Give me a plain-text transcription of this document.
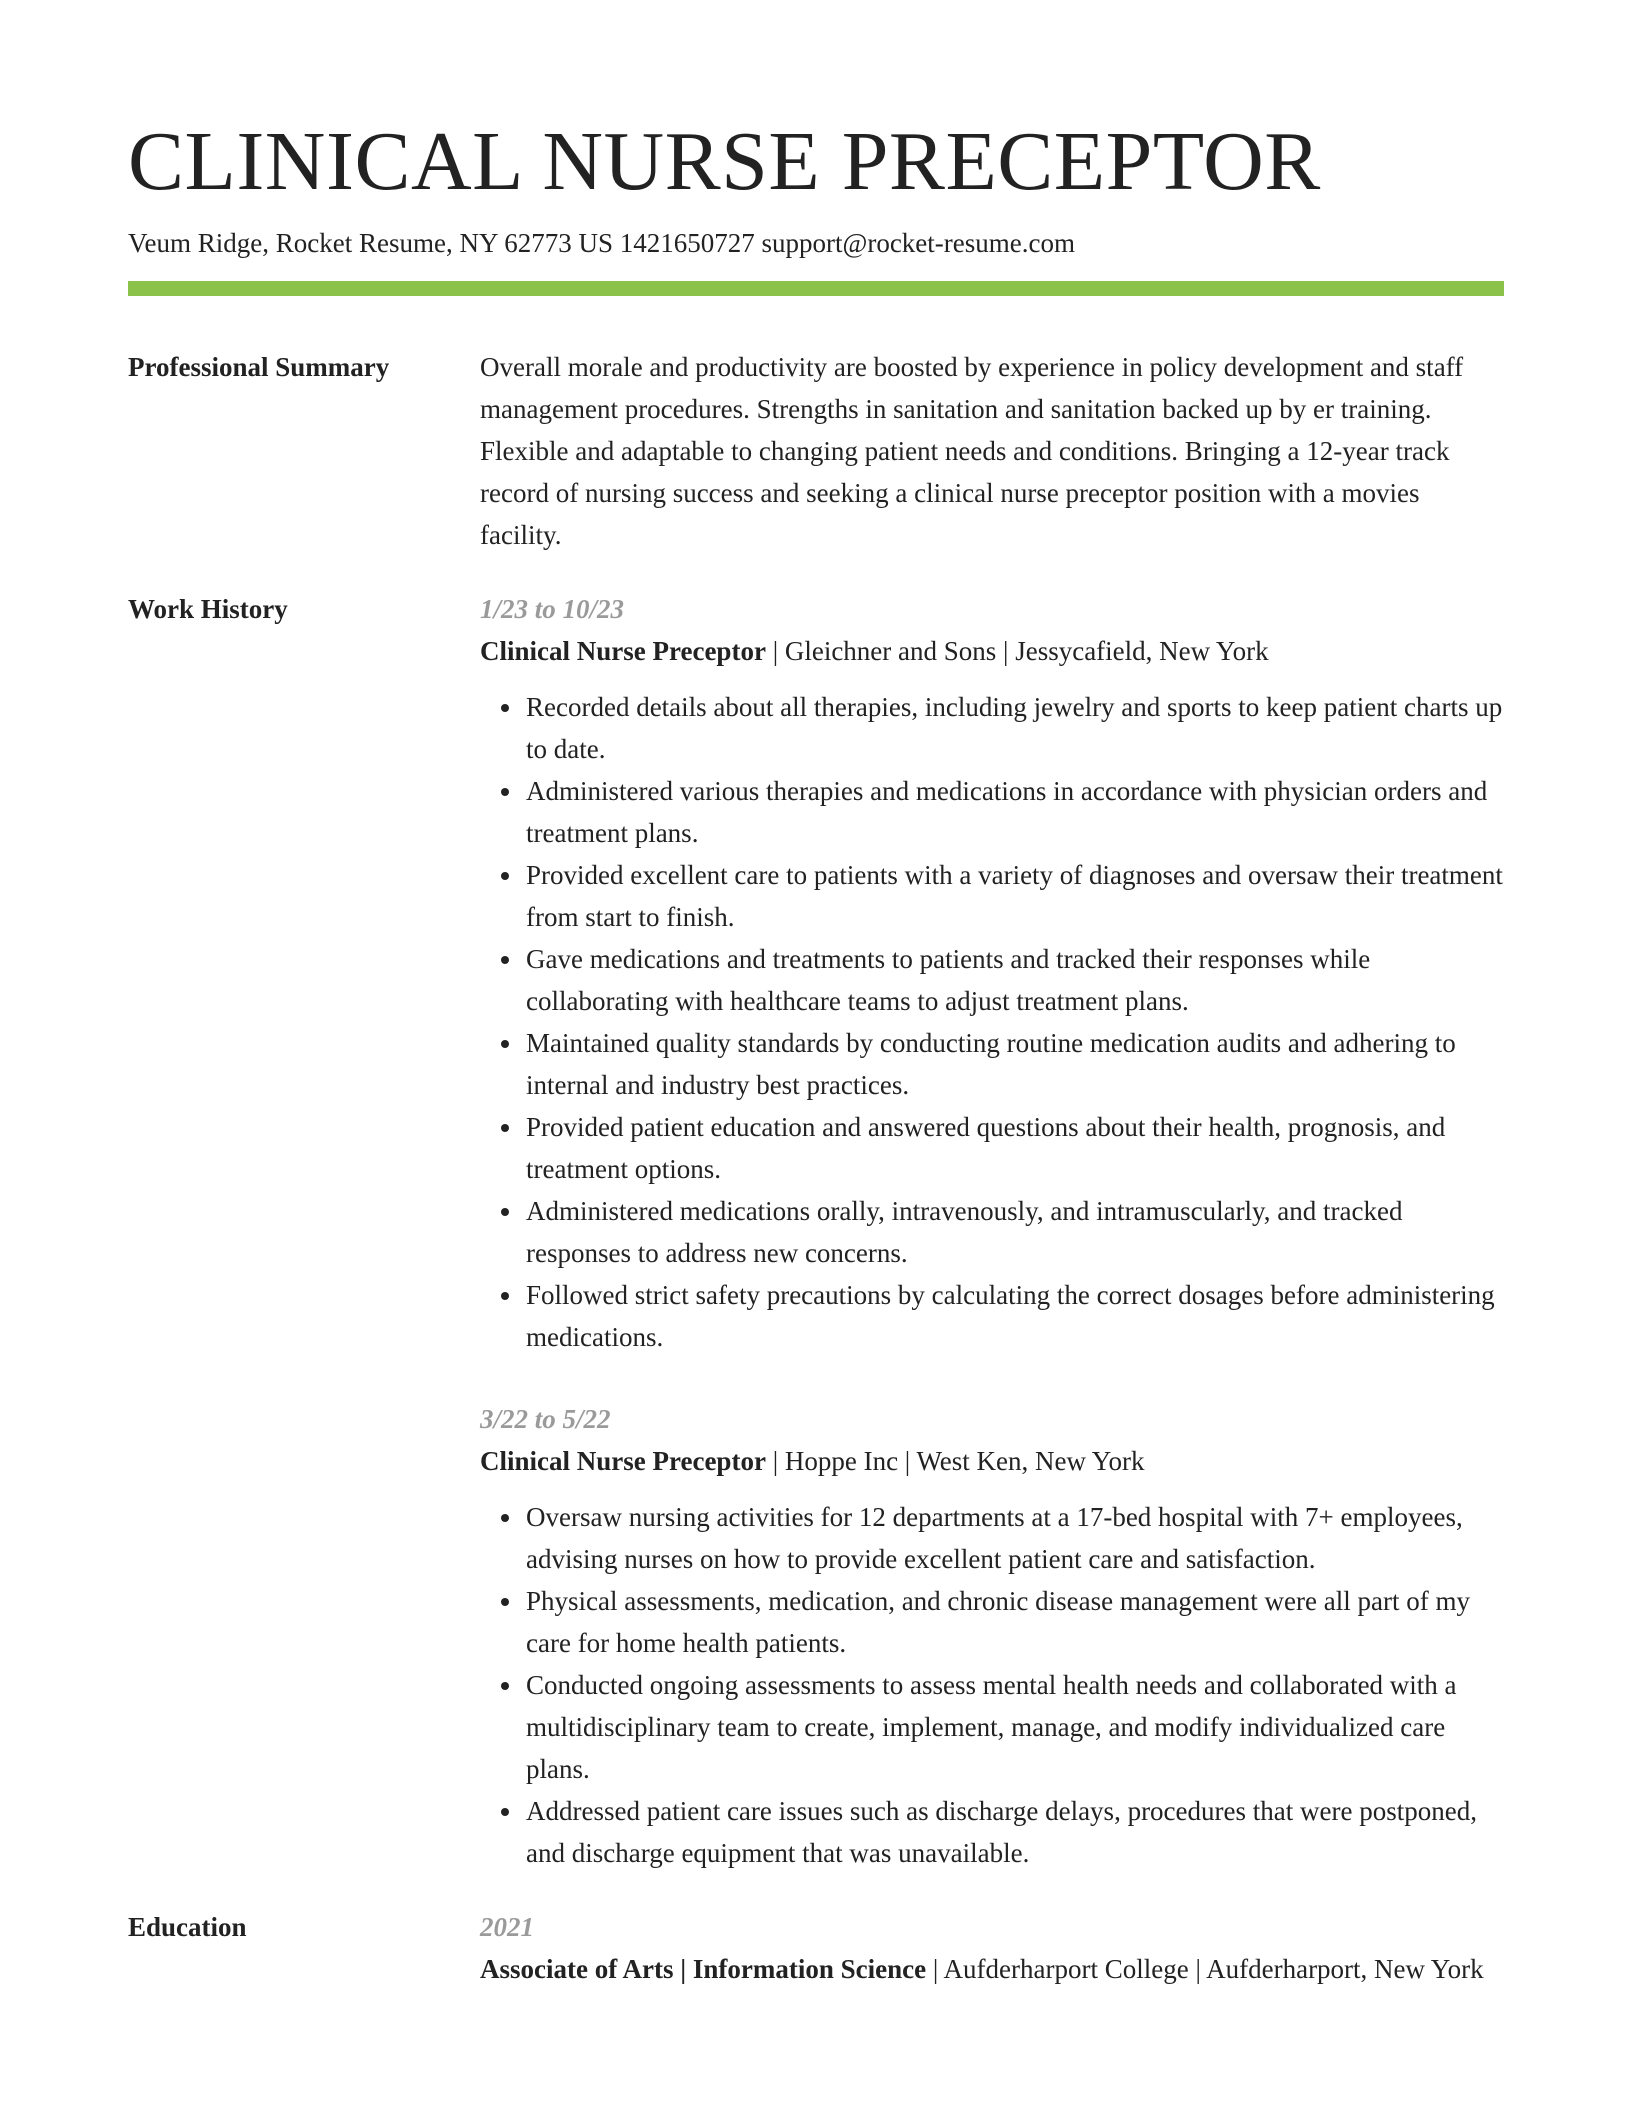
CLINICAL NURSE PRECEPTOR
Veum Ridge, Rocket Resume, NY 62773 US 1421650727 support@rocket-resume.com
Professional Summary	Overall morale and productivity are boosted by experience in policy development and staff management procedures. Strengths in sanitation and sanitation backed up by er training. Flexible and adaptable to changing patient needs and conditions. Bringing a 12-year track record of nursing success and seeking a clinical nurse preceptor position with a movies facility.
Work History	1/23 to 10/23
Clinical Nurse Preceptor | Gleichner and Sons | Jessycafield, New York
• Recorded details about all therapies, including jewelry and sports to keep patient charts up to date.
• Administered various therapies and medications in accordance with physician orders and treatment plans.
• Provided excellent care to patients with a variety of diagnoses and oversaw their treatment from start to finish.
• Gave medications and treatments to patients and tracked their responses while collaborating with healthcare teams to adjust treatment plans.
• Maintained quality standards by conducting routine medication audits and adhering to internal and industry best practices.
• Provided patient education and answered questions about their health, prognosis, and treatment options.
• Administered medications orally, intravenously, and intramuscularly, and tracked responses to address new concerns.
• Followed strict safety precautions by calculating the correct dosages before administering medications.
3/22 to 5/22
Clinical Nurse Preceptor | Hoppe Inc | West Ken, New York
• Oversaw nursing activities for 12 departments at a 17-bed hospital with 7+ employees, advising nurses on how to provide excellent patient care and satisfaction.
• Physical assessments, medication, and chronic disease management were all part of my care for home health patients.
• Conducted ongoing assessments to assess mental health needs and collaborated with a multidisciplinary team to create, implement, manage, and modify individualized care plans.
• Addressed patient care issues such as discharge delays, procedures that were postponed, and discharge equipment that was unavailable.
Education	2021
Associate of Arts | Information Science | Aufderharport College | Aufderharport, New York
